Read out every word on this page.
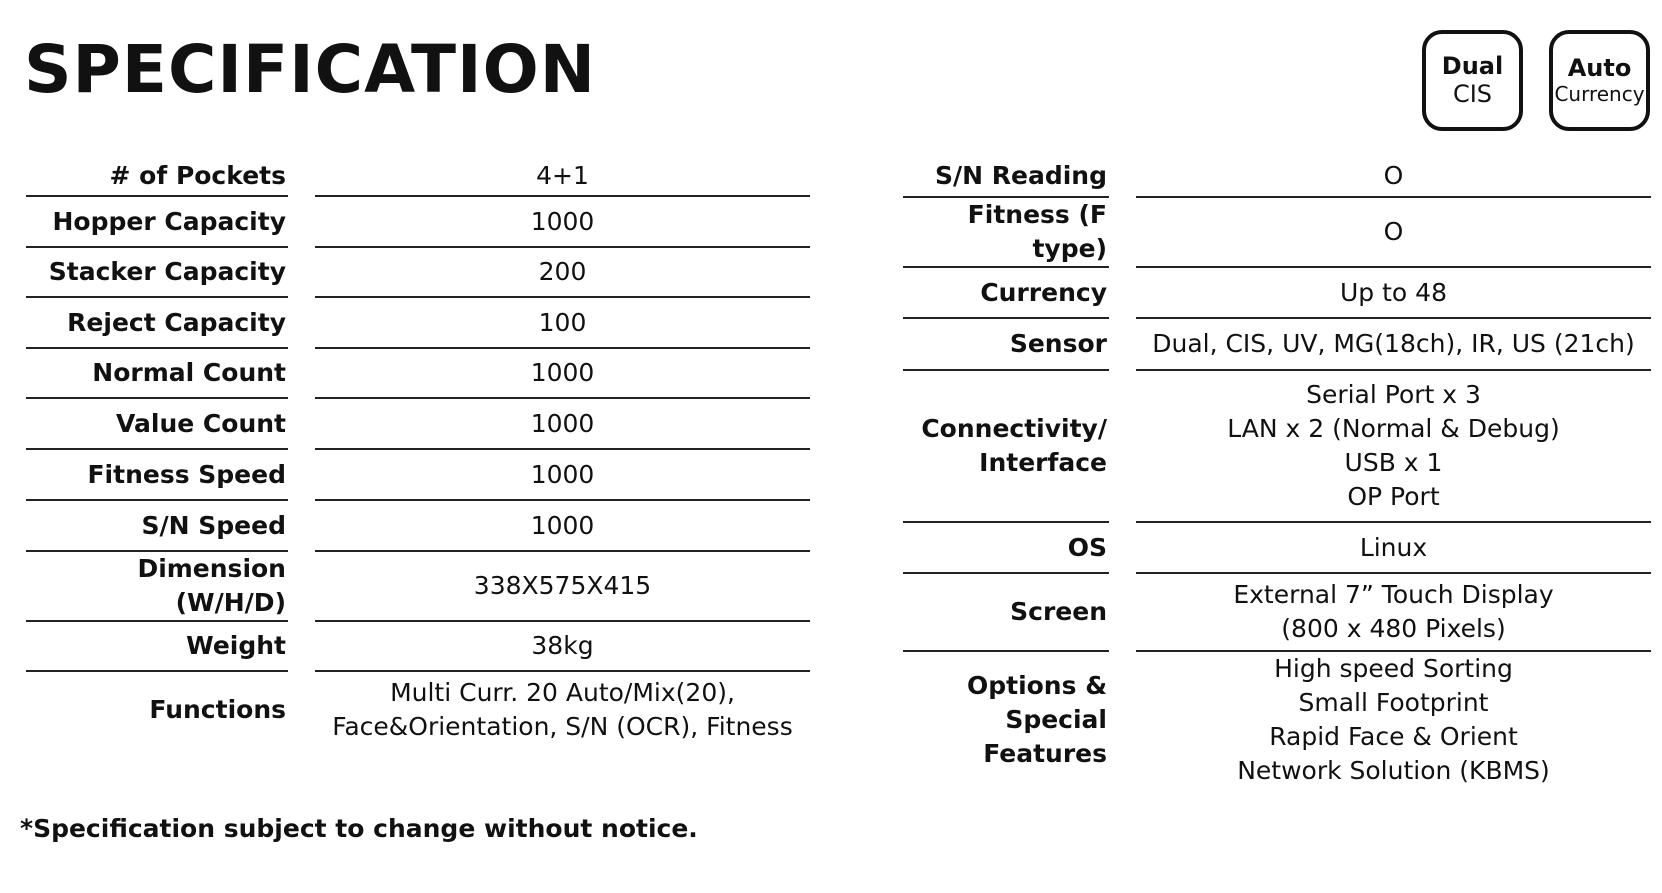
SPECIFICATION	Dual
CIS
Auto
Currency
# of Pockets		4+1
Hopper Capacity		1000
Stacker Capacity		200
Reject Capacity		100
Normal Count		1000
Value Count		1000
Fitness Speed		1000
S/N Speed		1000
Dimension (W/H/D)		338X575X415
Weight		38kg
Functions		Multi Curr. 20 Auto/Mix(20),
Face&Orientation, S/N (OCR), Fitness
S/N Reading		O
Fitness (F type)		O
Currency		Up to 48
Sensor		Dual, CIS, UV, MG(18ch), IR, US (21ch)
Connectivity/
Interface		Serial Port x 3
LAN x 2 (Normal & Debug)
USB x 1
OP Port
OS		Linux
Screen		External 7” Touch Display
(800 x 480 Pixels)
Options &
Special Features		High speed Sorting
Small Footprint
Rapid Face & Orient
Network Solution (KBMS)
*Specification subject to change without notice.
